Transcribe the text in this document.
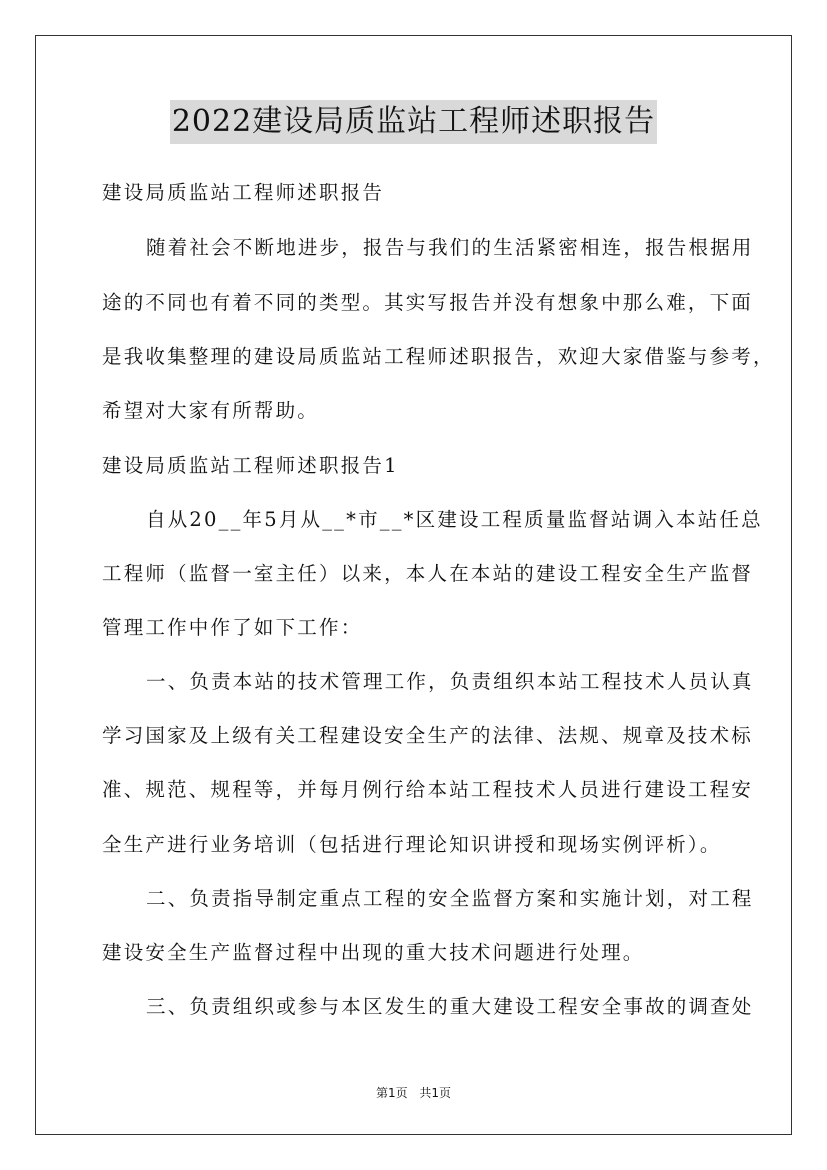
2022建设局质监站工程师述职报告
建设局质监站工程师述职报告
随着社会不断地进步，报告与我们的生活紧密相连，报告根据用
途的不同也有着不同的类型。其实写报告并没有想象中那么难，下面
是我收集整理的建设局质监站工程师述职报告，欢迎大家借鉴与参考，
希望对大家有所帮助。
建设局质监站工程师述职报告1
自从20__年5月从__*市__*区建设工程质量监督站调入本站任总
工程师（监督一室主任）以来，本人在本站的建设工程安全生产监督
管理工作中作了如下工作：
一、负责本站的技术管理工作，负责组织本站工程技术人员认真
学习国家及上级有关工程建设安全生产的法律、法规、规章及技术标
准、规范、规程等，并每月例行给本站工程技术人员进行建设工程安
全生产进行业务培训（包括进行理论知识讲授和现场实例评析）。
二、负责指导制定重点工程的安全监督方案和实施计划，对工程
建设安全生产监督过程中出现的重大技术问题进行处理。
三、负责组织或参与本区发生的重大建设工程安全事故的调查处
第1页 共1页
